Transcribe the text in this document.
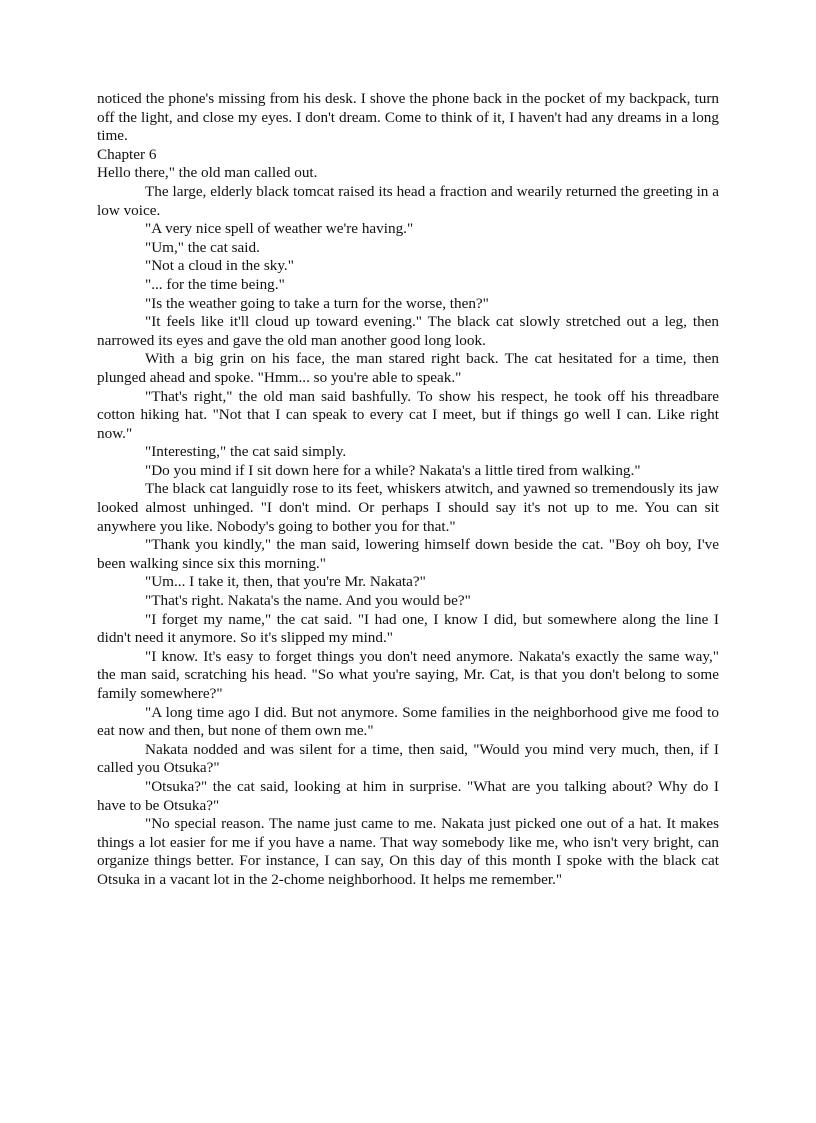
noticed the phone's missing from his desk. I shove the phone back in the pocket of my backpack, turn off the light, and close my eyes. I don't dream. Come to think of it, I haven't had any dreams in a long time.

Chapter 6

Hello there," the old man called out.

The large, elderly black tomcat raised its head a fraction and wearily returned the greeting in a low voice.

"A very nice spell of weather we're having."

"Um," the cat said.

"Not a cloud in the sky."

"... for the time being."

"Is the weather going to take a turn for the worse, then?"

"It feels like it'll cloud up toward evening." The black cat slowly stretched out a leg, then narrowed its eyes and gave the old man another good long look.

With a big grin on his face, the man stared right back. The cat hesitated for a time, then plunged ahead and spoke. "Hmm... so you're able to speak."

"That's right," the old man said bashfully. To show his respect, he took off his threadbare cotton hiking hat. "Not that I can speak to every cat I meet, but if things go well I can. Like right now."

"Interesting," the cat said simply.

"Do you mind if I sit down here for a while? Nakata's a little tired from walking."

The black cat languidly rose to its feet, whiskers atwitch, and yawned so tremendously its jaw looked almost unhinged. "I don't mind. Or perhaps I should say it's not up to me. You can sit anywhere you like. Nobody's going to bother you for that."

"Thank you kindly," the man said, lowering himself down beside the cat. "Boy oh boy, I've been walking since six this morning."

"Um... I take it, then, that you're Mr. Nakata?"

"That's right. Nakata's the name. And you would be?"

"I forget my name," the cat said. "I had one, I know I did, but somewhere along the line I didn't need it anymore. So it's slipped my mind."

"I know. It's easy to forget things you don't need anymore. Nakata's exactly the same way," the man said, scratching his head. "So what you're saying, Mr. Cat, is that you don't belong to some family somewhere?"

"A long time ago I did. But not anymore. Some families in the neighborhood give me food to eat now and then, but none of them own me."

Nakata nodded and was silent for a time, then said, "Would you mind very much, then, if I called you Otsuka?"

"Otsuka?" the cat said, looking at him in surprise. "What are you talking about? Why do I have to be Otsuka?"

"No special reason. The name just came to me. Nakata just picked one out of a hat. It makes things a lot easier for me if you have a name. That way somebody like me, who isn't very bright, can organize things better. For instance, I can say, On this day of this month I spoke with the black cat Otsuka in a vacant lot in the 2-chome neighborhood. It helps me remember."
